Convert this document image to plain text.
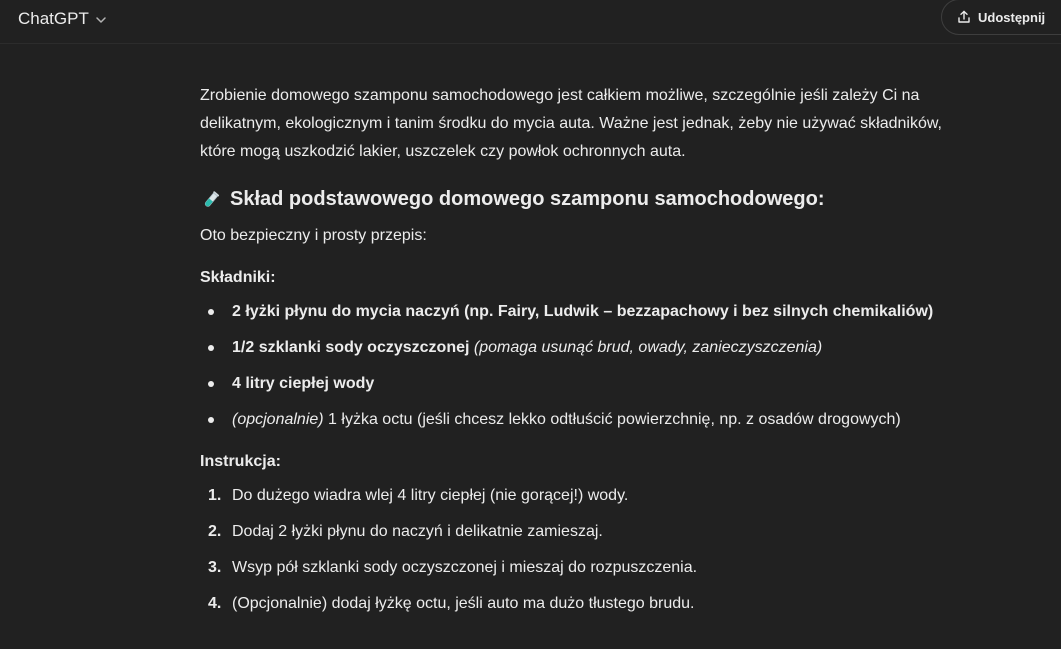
ChatGPT	Udostępnij

Zrobienie domowego szamponu samochodowego jest całkiem możliwe, szczególnie jeśli zależy Ci na delikatnym, ekologicznym i tanim środku do mycia auta. Ważne jest jednak, żeby nie używać składników, które mogą uszkodzić lakier, uszczelek czy powłok ochronnych auta.

Skład podstawowego domowego szamponu samochodowego:

Oto bezpieczny i prosty przepis:

Składniki:

2 łyżki płynu do mycia naczyń (np. Fairy, Ludwik – bezzapachowy i bez silnych chemikaliów)
1/2 szklanki sody oczyszczonej (pomaga usunąć brud, owady, zanieczyszczenia)
4 litry ciepłej wody
(opcjonalnie) 1 łyżka octu (jeśli chcesz lekko odtłuścić powierzchnię, np. z osadów drogowych)

Instrukcja:

1. Do dużego wiadra wlej 4 litry ciepłej (nie gorącej!) wody.
2. Dodaj 2 łyżki płynu do naczyń i delikatnie zamieszaj.
3. Wsyp pół szklanki sody oczyszczonej i mieszaj do rozpuszczenia.
4. (Opcjonalnie) dodaj łyżkę octu, jeśli auto ma dużo tłustego brudu.
